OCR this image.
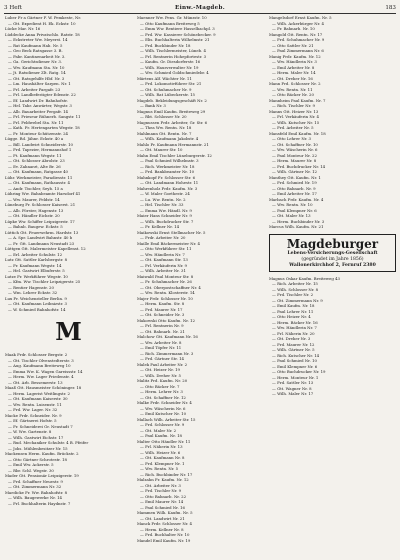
3 Heft	Einw.-Magdeb.	183

Luber Fr a Gärtner F. W. Pemkeste, Nr.

— Gtt. Expedient H. Ek. Eckstr. 10

Lücke Mar. Nr. 16

Lüddecke Anna Privatschlo. Ratstr. 18

— Eckstreter Ww. Meyerst. 14

— Rat Kaufmann Hab. Nr. 5

— Geo Beck Ratsgasse 3. B.

— Fabr. Kantinenarbeit Nr. 3.

— Ga. Gerichtsdiener Nr. 3.

— Ww. Kaufmann Sta. Nr. 10

— Jt. Ratsdiener Zlt. Ratg. 14

— Gtt. Ratsgehilfe Hbf. Nr. 3

— Lm. Haushälter Sarpen. Nr. 1

— Frl. Arbeiter Pargafr. 23

— Frl. Landbefestigter Edenstr. 22

— Ef. Landwirt Dr. Bahnhofstr.

— Hel. Tahr. Anwärter, Wegstr. 3

— Alb. Bauarbeiter Pergafr. 14

— Frl. Frieseur Rühnerb. Sangstr. 11

— Frl. Feldwebel Sta. Nr. 11

— Kath. Fr. Hertengarten Wegstr. 18

— Fr. Monteur Schützenstr. 24

Lügge. Rd. Jähnr. Eckstr. 40 a

— Bill. Landwirt Schneiderstr. 10

— Frd. Tapezier, Hermannshof 1

— Ft. Kaufmann Wegstr. 11

— Gtt. Schlosser Abrolstr. 23

— Ev. Zahnarzt, Alte Br. 26

— Gtt. Kaufmann, Ratgasse 40

Lühr. Werkmeister, Paradiesstr. 11

— Gtt. Kaufmann, Rathausstr. 4

— Andr. Tischler, Seyb. 15 a

Lühring Ww. Bahnbeamte Harsdorf 41

— Ww. Maurer, Feldstr. 14

Lüneburg Fr. Schlosser Kaiserst. 21

— Alb. Förster, Hagenstr. 13

— Gtt. Händler Eichstr. 20

Lüpke Ww. Schiffer Leipzigerstr. 17

— Bahnb. Baugew. Eckstr. 5

Lüttich Gtt. Feuerwehrm. Hardstr. 13

— A. Spr. Landwirt Bahnstr. 40 b

— Fr. Gtt. Landmann Neustadt 23

Lüttgen Gtt. Malermeister Kapellenst. 12

— Erl. Arbeiter Schulstr. 12

Lutz Gtt. Sattler Karlsbergstr. 8

— Fr. Kaufmann Wegstr. 14

— Hel. Gastwirt Elbuferstr. 5

Lutze Fr. Werkführer Wegstr. 10

— Kfm. Ww. Tischler Leipzigerstr. 25

— Rentier Hagenstr. 20

— Wm. Lehrer Eckstr. 32

Lux Fr. Weichensteller Berlin. 9

— Gtt. Kaufmann Leibnizstr. 3

— W. Schmied Bahnhofstr. 14

M

Maak Frdr. Schlosser Bergstr. 2

— Gtt. Tischler Olvenstedterstr. 3

— Aug. Kaufmann Breiteweg 10

— Emma Ww. K. Wagen Gareissstr. 14

— Herm. Ww. Lager Friedenstr. 4

— Gtt. Arb. Bessemerstr. 13

Maaß Gtt. Hausmeister Schöninger. 18

— Herm. Lagerist Weitlingstr. 2

— Gtt. Kaufmann Kaiserstr. 30

— Ww. Rentn. Luisenstr. 11

— Frd. Ww. Lager. Nr. 32

Macke Frdr. Schneider. Nr. 9

— Ef. Gärtnerei Hofstr. 5

— Fr. Schneiderei Gr. Neustadt 7

— W. Ww. Gartenstr. 8

— Wilh. Gastwirt Eichstr. 17

— Rud. Mechaniker Schulstr. 4 B. Pfeifer

— Johs. Mühlenbesitzer Nr. 15

Mackensen Herm. Kaufm. Brückstr. 2

— Otto Gärtner Schrotestr. 18

— Emil Ww. Ackerstr. 5

— Rbr. Schl. Wegstr. 30

Mader Gtt. Pensionär Leipzigerstr. 19

— Frd. Schaffner Neuestr. 9

— Gtt. Zimmermann Nr. 32

Maedicke Fr. Ww. Bahnhofstr. 8

— Wilh. Baugewerke Nr. 14

— Frl. Buchhalterin Haydnstr. 7

Maenner Ww. Pens. Gr. Münzstr. 10

— Otto Kaufmann Breiteweg 5

— Emm Ww. Rentiere Hasselbachpl. 3

— Frd. Ww. Kassierer Schönebecker. 9

— Elis. Buchhalterin Wilhelmstr. 21

— Frd. Buchbinder Nr. 18

— Wilh. Tischlermeister, Lüneb. 4

— Frl. Rentnerin Hohepfortestr. 3

— Kaufm. Gr. Diesdorferstr. 16

— Wilh. Hausverwalter Nr. 19

— Ww. Schmied Goldschmiedebr. 4

Märtens Alf. Wächter Nr. 11

— Frd. Lokomotivführer Str. 21

— Gtt. Schuhmacher Nr. 9

— Wilh. Rat Lübeckerstr. 15

Magdeb. Bekleidungsgeschäft Nr. 2

— Bank Nr. 3

Magnus Emil Kaufm. Breiteweg 29

— Rbt. Schlosser Nr. 20

Magnussen Frdr. Arbeiter, Gr. Str. 6

— Thea Ww. Rentn. Nr. 18

Mahlmann Gtt. Rentn. Nr. 7

— Wilh. Kaufmann Jakobstr. 4

Mahlo Fr. Kaufmann Hermannstr. 21

— Gtt. Maurer Str. 10

Mahn Emil Tischler Lüneburgerstr. 12

— Paul Schmied Wilhelmstr. 3

— Rich. Werkmeister Nr. 18

— Frd. Bankbeamter Nr. 10

Mahnkopf Fr. Schlosser Str. 6

— Gtt. Landmann Hohestr. 11

Mahrenholz Frdr. Kaufm. Nr. 3

— W. Maler Goethestr. 24

— Lu. Ww. Rentn. Nr. 2

— Hel. Tischler Nr. 33

— Emma Ww. Händl. Nr. 9

Maier Hans Schneider Nr. 9

— Wilh. Buchdrucker Str. 7

— Fr. Kellner Nr. 14

Maikowski Ernst Stellmacher Nr. 5

— Frdr. Arbeiter Nr. 20

Maille Emil Bäckermeister Nr. 4

— Otto Werkführer Str. 11

— Ww. Händlerin Nr. 7

— Gtt. Kaufmann Str. 13

— Frl. Verkäuferin Nr. 9

— Wilh. Arbeiter Nr. 31

Maiwald Paul Monteur Str. 8

— Fr. Schuhmacher Nr. 26

— Gtt. Oberpostschaffner Nr. 4

— Ww. Rentn. Klosterstr. 14

Majer Frdr. Schlosser Nr. 10

— Herm. Kaufm. Str. 8

— Frd. Maurer Nr. 17

— Gtt. Schneider Nr. 3

Makowski Otto Kaufm. Nr. 12

— Frl. Rentnerin Nr. 9

— Gtt. Bahnarb. Nr. 21

Malchow Gtt. Kaufmann Nr. 16

— Ww. Arbeiter Nr. 8

— Emil Töpfer Nr. 11

— Rich. Zimmermann Nr. 3

— Frd. Gärtner Str. 14

Malek Paul Arbeiter Nr. 2

— Gtt. Heizer Nr. 19

— Wilh. Dreher Nr. 5

Malitz Frd. Kaufm. Nr. 20

— Otto Bäcker Nr. 7

— Herm. Lehrer Nr. 3

— Gtt. Schaffner Nr. 12

Malke Frdr. Schneider Nr. 4

— Ww. Wäscherin Nr. 6

— Emil Kutscher Nr. 10

Mallach Wilh. Arbeiter Str. 15

— Frd. Schlosser Nr. 9

— Gtt. Maler Nr. 2

— Paul Kaufm. Nr. 18

Malter Otto Händler Nr. 11

— Frl. Näherin Nr. 13

— Wilh. Heizer Nr. 6

— Gtt. Kaufmann Nr. 8

— Frd. Klempner Nr. 1

— Ww. Rentn. Nr. 5

— Rich. Buchbinder Nr. 17

Malzahn Fr. Kaufm. Nr. 12

— Gtt. Arbeiter Nr. 3

— Frd. Tischler Nr. 9

— Otto Bahnarb. Nr. 22

— Emil Maurer Nr. 14

— Paul Schmied Nr. 16

Mammen Wilh. Kaufm. Nr. 5

— Gtt. Landwirt Nr. 21

Manck Frdr. Schlosser Nr. 4

— Herm. Kellner Nr. 8

— Frd. Buchhalter Nr. 10

Mandel Emil Kaufm. Nr. 19

Mangelsdorf Ernst Kaufm. Nr. 5

— Wilh. Ackerbürger Nr. 4

— Fr. Bahnarb. Nr. 10

Mangold Gtt. Rentn. Nr. 17

— Frd. Schuhmacher Nr. 9

— Otto Sattler Nr. 21

— Paul Zimmermann Nr. 6

Manig Frdr. Kaufm. Nr. 12

— Ww. Händlerin Nr. 3

— Emil Arbeiter Nr. 8

— Herm. Maler Nr. 14

— Gtt. Dreher Nr. 16

Mann Frd. Schlosser Nr. 2

— Ww. Rentn. Nr. 11

— Otto Bäcker Nr. 20

Mannheim Paul Kaufm. Nr. 7

— Rich. Tischler Nr. 9

Manns Gtt. Heizer Nr. 13

— Frl. Verkäuferin Nr. 4

— Wilh. Kutscher Nr. 15

— Frd. Arbeiter Nr. 5

Mansfeld Emil Kaufm. Nr. 18

— Otto Lehrer Nr. 3

— Gtt. Schaffner Nr. 10

— Ww. Wäscherin Nr. 6

— Paul Monteur Nr. 22

— Herm. Maurer Nr. 8

— Frd. Buchdrucker Nr. 14

— Wilh. Gärtner Nr. 12

Manthey Gtt. Kaufm. Nr. 1

— Frd. Schmied Nr. 19

— Otto Bahnarb. Nr. 9

— Emil Arbeiter Nr. 17

Marbach Frdr. Kaufm. Nr. 4

— Ww. Rentn. Nr. 10

— Paul Klempner Nr. 6

— Gtt. Maler Nr. 13

— Herm. Buchbinder Nr. 3

Marcus Wilh. Kaufm. Nr. 21

Magdeburger
Lebens-Versicherungs-Gesellschaft
(gegründet im Jahre 1856)
Wallonerkirchhof 2, Fernruf 2380

Magnus Oskar Kaufm. Breiteweg 43

— Rich. Arbeiter Nr. 15

— Wilh. Schlosser Nr. 8

— Frd. Tischler Nr. 2

— Gtt. Zimmermann Nr. 9

— Emil Kaufm. Nr. 18

— Paul Lehrer Nr. 11

— Otto Heizer Nr. 4

— Herm. Bäcker Nr. 16

— Ww. Händlerin Nr. 7

— Frl. Näherin Nr. 20

— Gtt. Dreher Nr. 3

— Frd. Maurer Nr. 12

— Wilh. Gärtner Nr. 5

— Rich. Kutscher Nr. 14

— Paul Schmied Nr. 10

— Emil Klempner Nr. 6

— Otto Buchdrucker Nr. 19

— Herm. Monteur Nr. 1

— Frd. Sattler Nr. 13

— Gtt. Wagner Nr. 8

— Wilh. Maler Nr. 17
